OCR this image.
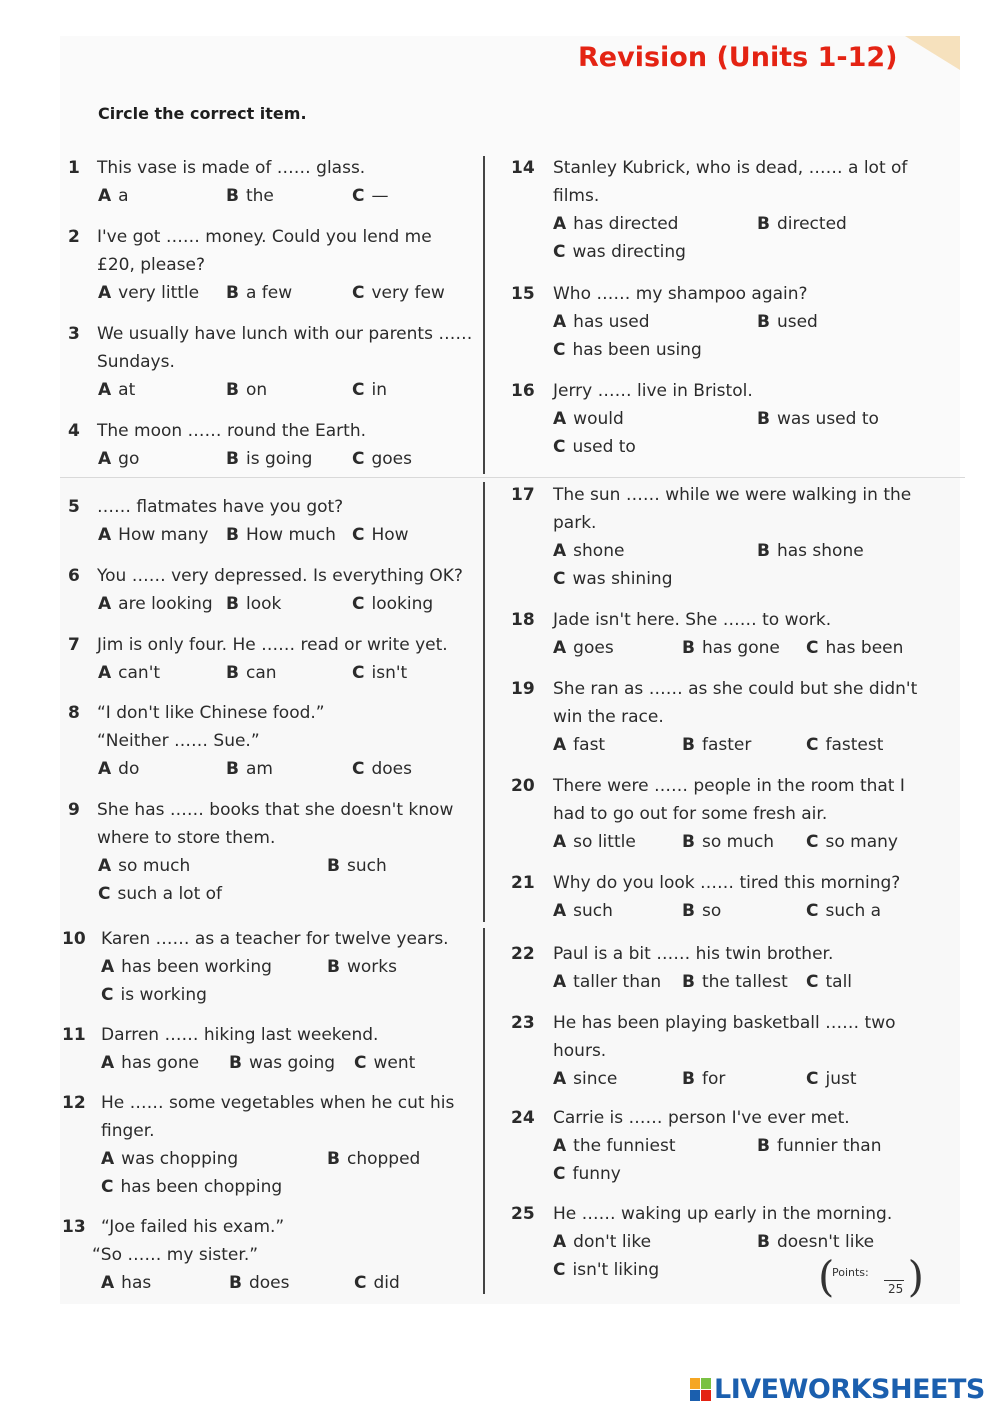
Revision (Units 1-12)
Circle the correct item.
1 This vase is made of …… glass.
A a	B the	C —
2 I've got …… money. Could you lend me
£20, please?
A very little B a few	C very few
3 We usually have lunch with our parents ……
Sundays.
A at	B on	C in
4 The moon …… round the Earth.
A go	B is going C goes
5 …… flatmates have you got?
A How many B How much C How
6 You …… very depressed. Is everything OK?
A are looking B look	C looking
7 Jim is only four. He …… read or write yet.
A can't	B can	C isn't
8 “I don't like Chinese food.”
“Neither …… Sue.”
A do	B am	C does
9 She has …… books that she doesn't know
where to store them.
A so much	B such
C such a lot of
10 Karen …… as a teacher for twelve years.
A has been working	B works
C is working
11 Darren …… hiking last weekend.
A has gone B was going C went
12 He …… some vegetables when he cut his
finger.
A was chopping	B chopped
C has been chopping
13 “Joe failed his exam.”
“So …… my sister.”
A has	B does	C did
14 Stanley Kubrick, who is dead, …… a lot of
films.
A has directed	B directed
C was directing
15 Who …… my shampoo again?
A has used	B used
C has been using
16 Jerry …… live in Bristol.
A would	B was used to
C used to
17 The sun …… while we were walking in the
park.
A shone	B has shone
C was shining
18 Jade isn't here. She …… to work.
A goes	B has gone C has been
19 She ran as …… as she could but she didn't
win the race.
A fast	B faster	C fastest
20 There were …… people in the room that I
had to go out for some fresh air.
A so little	B so much C so many
21 Why do you look …… tired this morning?
A such	B so	C such a
22 Paul is a bit …… his twin brother.
A taller than B the tallest C tall
23 He has been playing basketball …… two
hours.
A since	B for	C just
24 Carrie is …… person I've ever met.
A the funniest	B funnier than
C funny
25 He …… waking up early in the morning.
A don't like	B doesn't like
C isn't liking	(
Points:
25 )
LIVEWORKSHEETS
